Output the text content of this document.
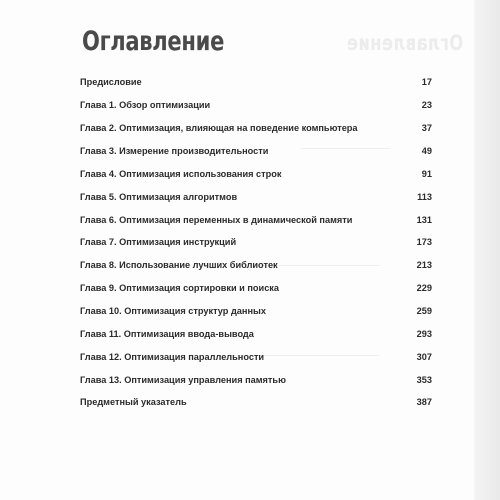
Оглавление
Оглавление
Предисловие	17
Глава 1. Обзор оптимизации	23
Глава 2. Оптимизация, влияющая на поведение компьютера	37
Глава 3. Измерение производительности	49
Глава 4. Оптимизация использования строк	91
Глава 5. Оптимизация алгоритмов	113
Глава 6. Оптимизация переменных в динамической памяти	131
Глава 7. Оптимизация инструкций	173
Глава 8. Использование лучших библиотек	213
Глава 9. Оптимизация сортировки и поиска	229
Глава 10. Оптимизация структур данных	259
Глава 11. Оптимизация ввода-вывода	293
Глава 12. Оптимизация параллельности	307
Глава 13. Оптимизация управления памятью	353
Предметный указатель	387
